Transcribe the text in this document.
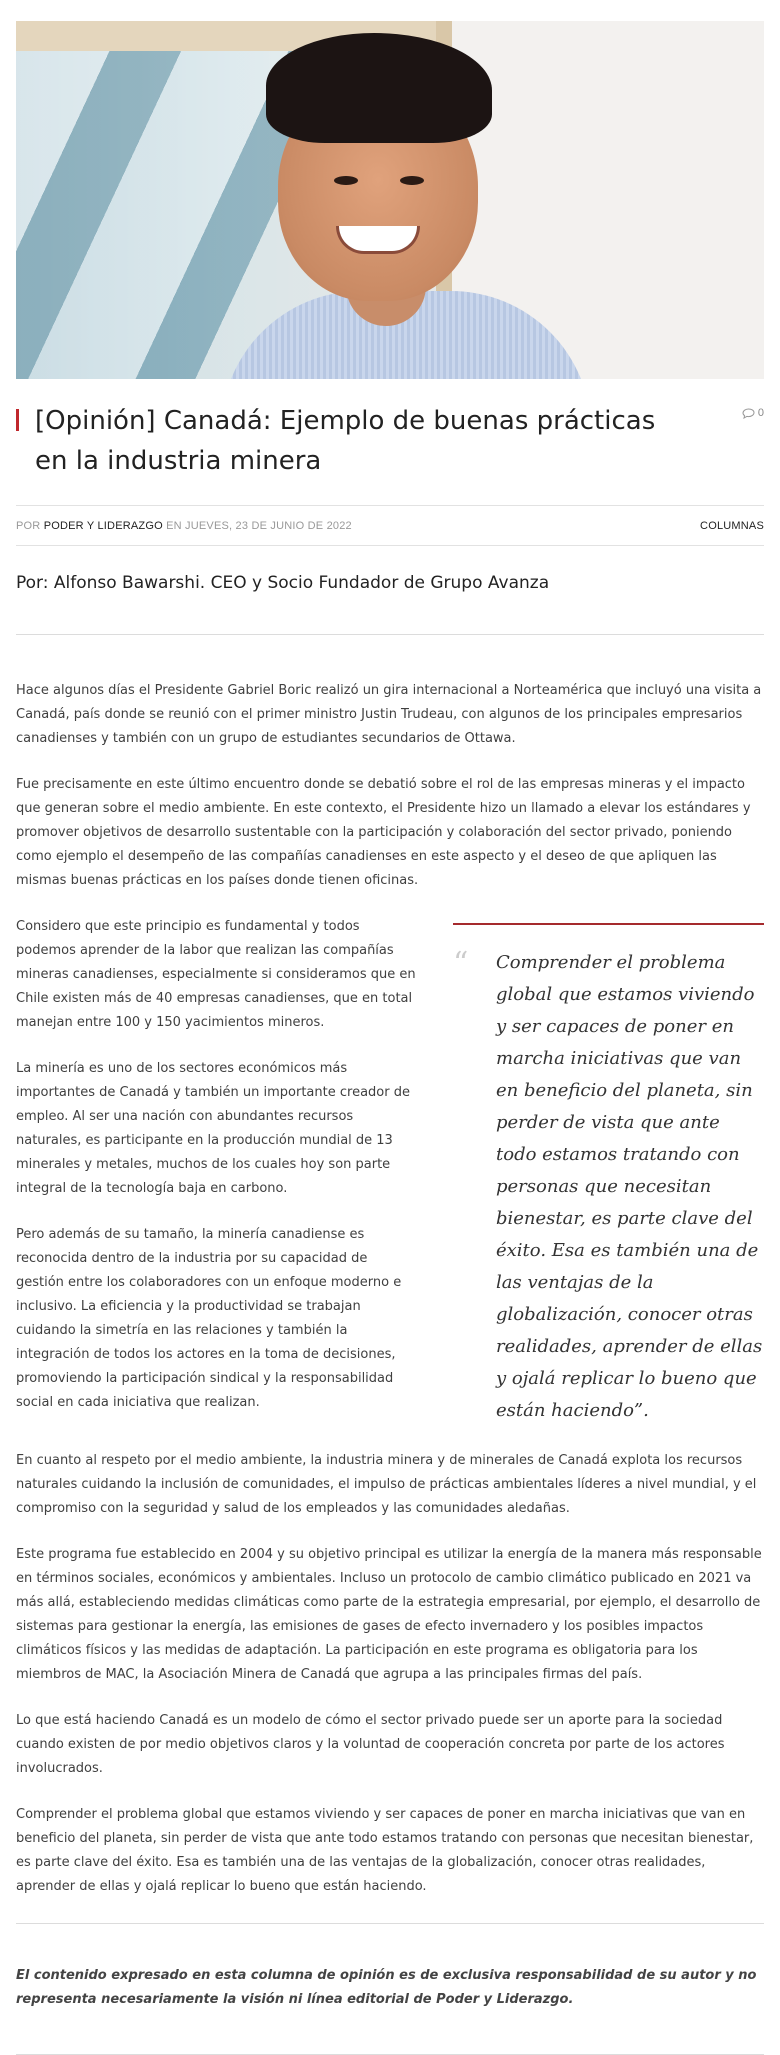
[Opinión] Canadá: Ejemplo de buenas prácticas en la industria minera
0
POR PODER Y LIDERAZGO EN JUEVES, 23 DE JUNIO DE 2022	COLUMNAS

Por: Alfonso Bawarshi. CEO y Socio Fundador de Grupo Avanza

Hace algunos días el Presidente Gabriel Boric realizó un gira internacional a Norteamérica que incluyó una visita a Canadá, país donde se reunió con el primer ministro Justin Trudeau, con algunos de los principales empresarios canadienses y también con un grupo de estudiantes secundarios de Ottawa.

Fue precisamente en este último encuentro donde se debatió sobre el rol de las empresas mineras y el impacto que generan sobre el medio ambiente. En este contexto, el Presidente hizo un llamado a elevar los estándares y promover objetivos de desarrollo sustentable con la participación y colaboración del sector privado, poniendo como ejemplo el desempeño de las compañías canadienses en este aspecto y el deseo de que apliquen las mismas buenas prácticas en los países donde tienen oficinas.

Considero que este principio es fundamental y todos podemos aprender de la labor que realizan las compañías mineras canadienses, especialmente si consideramos que en Chile existen más de 40 empresas canadienses, que en total manejan entre 100 y 150 yacimientos mineros.

La minería es uno de los sectores económicos más importantes de Canadá y también un importante creador de empleo. Al ser una nación con abundantes recursos naturales, es participante en la producción mundial de 13 minerales y metales, muchos de los cuales hoy son parte integral de la tecnología baja en carbono.

Pero además de su tamaño, la minería canadiense es reconocida dentro de la industria por su capacidad de gestión entre los colaboradores con un enfoque moderno e inclusivo. La eficiencia y la productividad se trabajan cuidando la simetría en las relaciones y también la integración de todos los actores en la toma de decisiones, promoviendo la participación sindical y la responsabilidad social en cada iniciativa que realizan.

“ Comprender el problema global que estamos viviendo y ser capaces de poner en marcha iniciativas que van en beneficio del planeta, sin perder de vista que ante todo estamos tratando con personas que necesitan bienestar, es parte clave del éxito. Esa es también una de las ventajas de la globalización, conocer otras realidades, aprender de ellas y ojalá replicar lo bueno que están haciendo”.

En cuanto al respeto por el medio ambiente, la industria minera y de minerales de Canadá explota los recursos naturales cuidando la inclusión de comunidades, el impulso de prácticas ambientales líderes a nivel mundial, y el compromiso con la seguridad y salud de los empleados y las comunidades aledañas.

Este programa fue establecido en 2004 y su objetivo principal es utilizar la energía de la manera más responsable en términos sociales, económicos y ambientales. Incluso un protocolo de cambio climático publicado en 2021 va más allá, estableciendo medidas climáticas como parte de la estrategia empresarial, por ejemplo, el desarrollo de sistemas para gestionar la energía, las emisiones de gases de efecto invernadero y los posibles impactos climáticos físicos y las medidas de adaptación. La participación en este programa es obligatoria para los miembros de MAC, la Asociación Minera de Canadá que agrupa a las principales firmas del país.

Lo que está haciendo Canadá es un modelo de cómo el sector privado puede ser un aporte para la sociedad cuando existen de por medio objetivos claros y la voluntad de cooperación concreta por parte de los actores involucrados.

Comprender el problema global que estamos viviendo y ser capaces de poner en marcha iniciativas que van en beneficio del planeta, sin perder de vista que ante todo estamos tratando con personas que necesitan bienestar, es parte clave del éxito. Esa es también una de las ventajas de la globalización, conocer otras realidades, aprender de ellas y ojalá replicar lo bueno que están haciendo.

El contenido expresado en esta columna de opinión es de exclusiva responsabilidad de su autor y no representa necesariamente la visión ni línea editorial de Poder y Liderazgo.
